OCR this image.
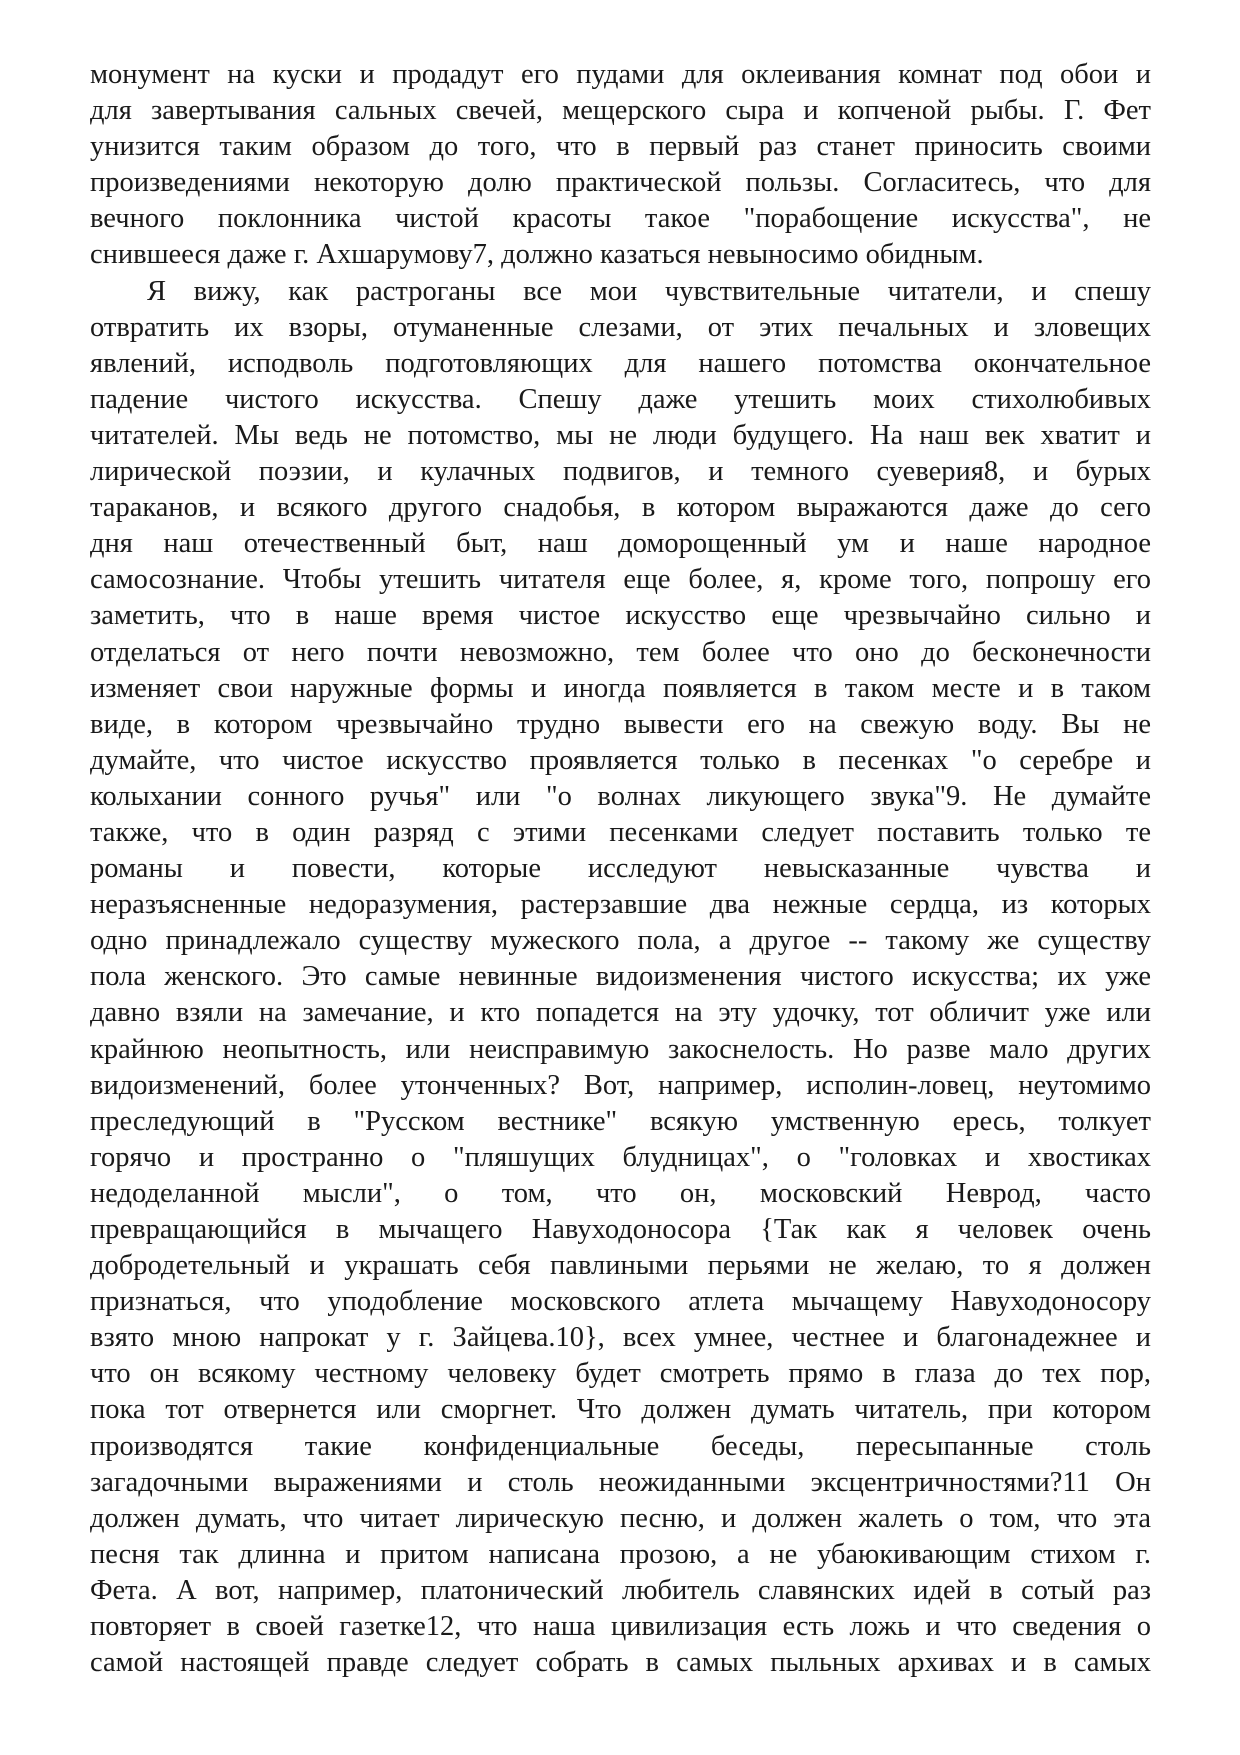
монумент на куски и продадут его пудами для оклеивания комнат под обои и
для завертывания сальных свечей, мещерского сыра и копченой рыбы. Г. Фет
унизится таким образом до того, что в первый раз станет приносить своими
произведениями некоторую долю практической пользы. Согласитесь, что для
вечного поклонника чистой красоты такое "порабощение искусства", не
снившееся даже г. Ахшарумову7, должно казаться невыносимо обидным.
Я вижу, как растроганы все мои чувствительные читатели, и спешу
отвратить их взоры, отуманенные слезами, от этих печальных и зловещих
явлений, исподволь подготовляющих для нашего потомства окончательное
падение чистого искусства. Спешу даже утешить моих стихолюбивых
читателей. Мы ведь не потомство, мы не люди будущего. На наш век хватит и
лирической поэзии, и кулачных подвигов, и темного суеверия8, и бурых
тараканов, и всякого другого снадобья, в котором выражаются даже до сего
дня наш отечественный быт, наш доморощенный ум и наше народное
самосознание. Чтобы утешить читателя еще более, я, кроме того, попрошу его
заметить, что в наше время чистое искусство еще чрезвычайно сильно и
отделаться от него почти невозможно, тем более что оно до бесконечности
изменяет свои наружные формы и иногда появляется в таком месте и в таком
виде, в котором чрезвычайно трудно вывести его на свежую воду. Вы не
думайте, что чистое искусство проявляется только в песенках "о серебре и
колыхании сонного ручья" или "о волнах ликующего звука"9. Не думайте
также, что в один разряд с этими песенками следует поставить только те
романы и повести, которые исследуют невысказанные чувства и
неразъясненные недоразумения, растерзавшие два нежные сердца, из которых
одно принадлежало существу мужеского пола, а другое -- такому же существу
пола женского. Это самые невинные видоизменения чистого искусства; их уже
давно взяли на замечание, и кто попадется на эту удочку, тот обличит уже или
крайнюю неопытность, или неисправимую закоснелость. Но разве мало других
видоизменений, более утонченных? Вот, например, исполин-ловец, неутомимо
преследующий в "Русском вестнике" всякую умственную ересь, толкует
горячо и пространно о "пляшущих блудницах", о "головках и хвостиках
недоделанной мысли", о том, что он, московский Неврод, часто
превращающийся в мычащего Навуходоносора {Так как я человек очень
добродетельный и украшать себя павлиными перьями не желаю, то я должен
признаться, что уподобление московского атлета мычащему Навуходоносору
взято мною напрокат у г. Зайцева.10}, всех умнее, честнее и благонадежнее и
что он всякому честному человеку будет смотреть прямо в глаза до тех пор,
пока тот отвернется или сморгнет. Что должен думать читатель, при котором
производятся такие конфиденциальные беседы, пересыпанные столь
загадочными выражениями и столь неожиданными эксцентричностями?11 Он
должен думать, что читает лирическую песню, и должен жалеть о том, что эта
песня так длинна и притом написана прозою, а не убаюкивающим стихом г.
Фета. А вот, например, платонический любитель славянских идей в сотый раз
повторяет в своей газетке12, что наша цивилизация есть ложь и что сведения о
самой настоящей правде следует собрать в самых пыльных архивах и в самых
